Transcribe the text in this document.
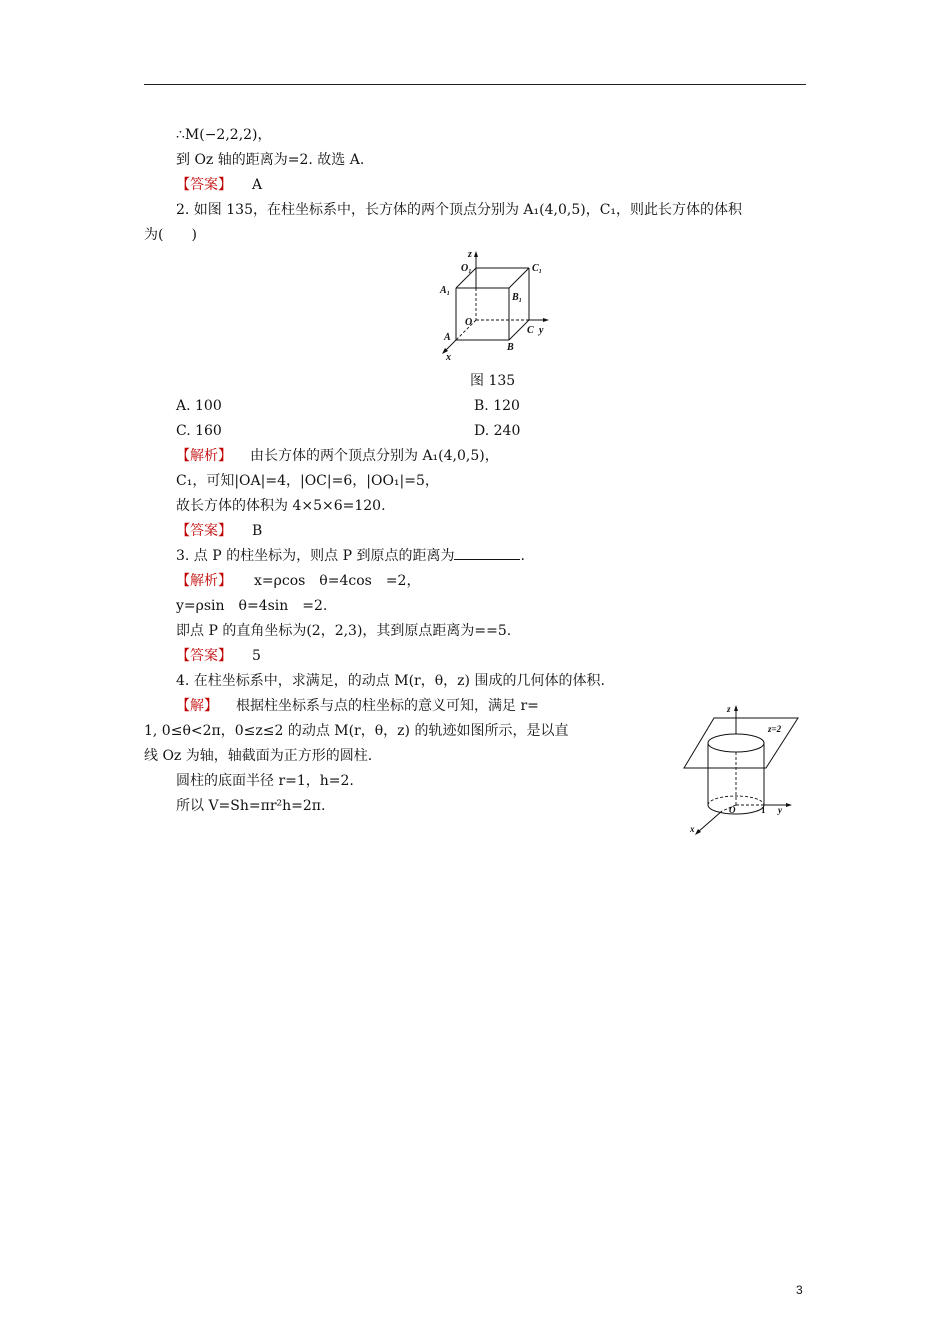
∴M(−2,2,2)，
到 Oz 轴的距离为=2. 故选 A.
【答案】 A
2. 如图 135，在柱坐标系中，长方体的两个顶点分别为 A₁(4,0,5)，C₁，则此长方体的体积
为(　　)
z
O₁	C₁
A₁
B₁
O
A
C y
B
x
图 135
A. 100	B. 120
C. 160	D. 240
【解析】 由长方体的两个顶点分别为 A₁(4,0,5)，
C₁，可知|OA|=4，|OC|=6，|OO₁|=5，
故长方体的体积为 4×5×6=120.
【答案】 B
3. 点 P 的柱坐标为，则点 P 到原点的距离为	.
【解析】 x=ρcos　θ=4cos　=2，
y=ρsin　θ=4sin　=2.
即点 P 的直角坐标为(2，2,3)，其到原点距离为==5.
【答案】 5
4. 在柱坐标系中，求满足，的动点 M(r，θ，z) 围成的几何体的体积.
【解】 根据柱坐标系与点的柱坐标的意义可知，满足 r=
1, 0≤θ<2π，0≤z≤2 的动点 M(r，θ，z) 的轨迹如图所示，是以直
线 Oz 为轴，轴截面为正方形的圆柱.
圆柱的底面半径 r=1，h=2.
所以 V=Sh=πr²h=2π.
z
z=2
O	1 y
x
3
